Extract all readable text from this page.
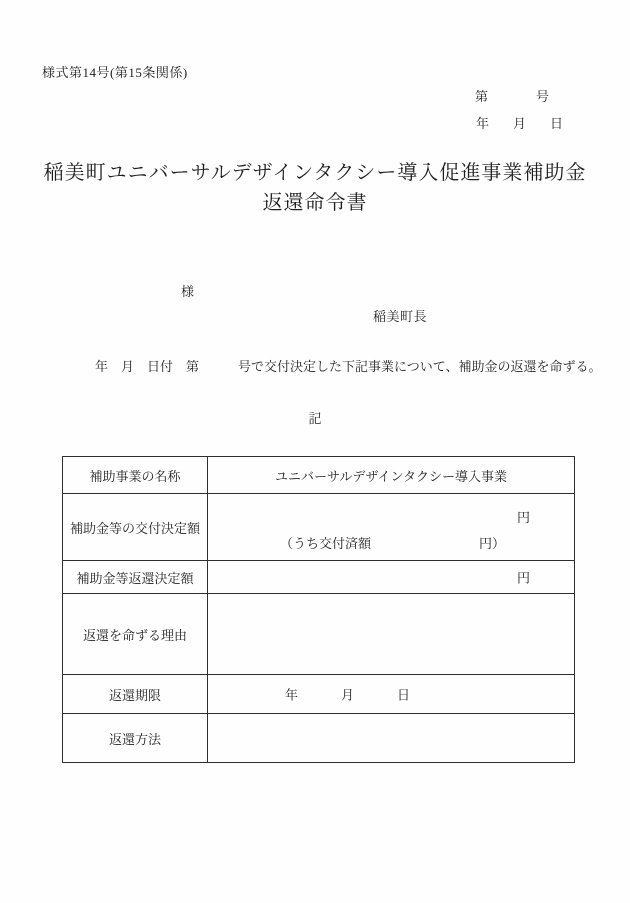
様式第14号(第15条関係)
第	号
年 月 日
稲美町ユニバーサルデザインタクシー導入促進事業補助金
返還命令書
様
稲美町長
年　月　日付　第　　　号で交付決定した下記事業について、補助金の返還を命ずる。
記
補助事業の名称	ユニバーサルデザインタクシー導入事業
補助金等の交付決定額	円
（うち交付済額 円）

補助金等返還決定額	円

返還を命ずる理由	
返還期限	年 月 日

返還方法	
